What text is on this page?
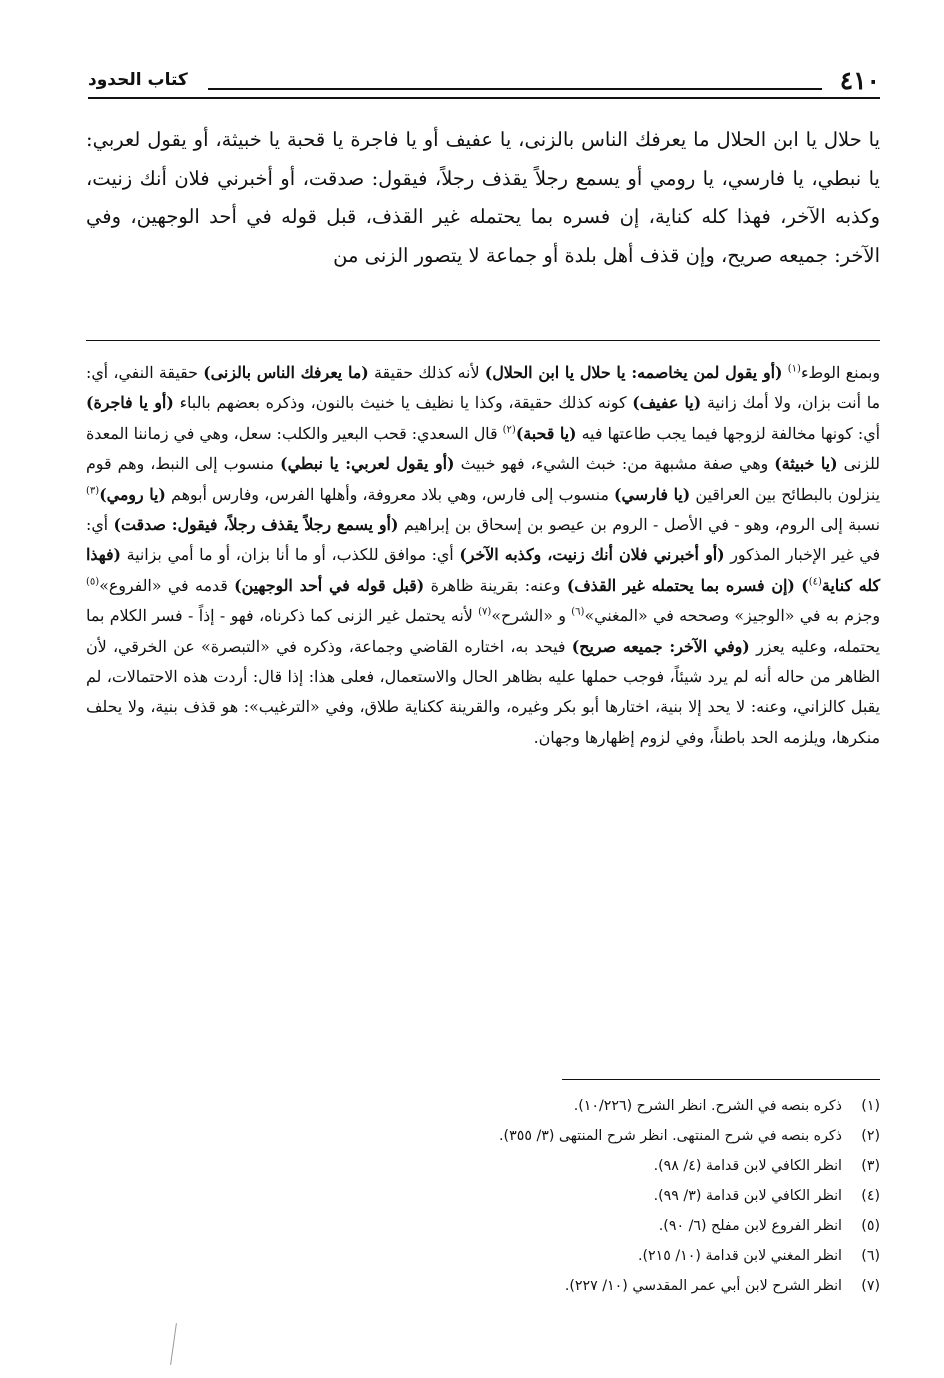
٤١٠
كتاب الحدود

يا حلال يا ابن الحلال ما يعرفك الناس بالزنى، يا عفيف أو يا فاجرة يا قحبة يا خبيثة، أو يقول لعربي: يا نبطي، يا فارسي، يا رومي أو يسمع رجلاً يقذف رجلاً، فيقول: صدقت، أو أخبرني فلان أنك زنيت، وكذبه الآخر، فهذا كله كناية، إن فسره بما يحتمله غير القذف، قبل قوله في أحد الوجهين، وفي الآخر: جميعه صريح، وإن قذف أهل بلدة أو جماعة لا يتصور الزنى من

وبمنع الوطء$^{(١)}$ (أو يقول لمن يخاصمه: يا حلال يا ابن الحلال) لأنه كذلك حقيقة (ما يعرفك الناس بالزنى) حقيقة النفي، أي: ما أنت بزان، ولا أمك زانية (يا عفيف) كونه كذلك حقيقة، وكذا يا نظيف يا خنيث بالنون، وذكره بعضهم بالباء (أو يا فاجرة) أي: كونها مخالفة لزوجها فيما يجب طاعتها فيه (يا قحبة)$^{(٢)}$ قال السعدي: قحب البعير والكلب: سعل، وهي في زماننا المعدة للزنى (يا خبيثة) وهي صفة مشبهة من: خبث الشيء، فهو خبيث (أو يقول لعربي: يا نبطي) منسوب إلى النبط، وهم قوم ينزلون بالبطائح بين العراقين (يا فارسي) منسوب إلى فارس، وهي بلاد معروفة، وأهلها الفرس، وفارس أبوهم (يا رومي)$^{(٣)}$ نسبة إلى الروم، وهو - في الأصل - الروم بن عيصو بن إسحاق بن إبراهيم (أو يسمع رجلاً يقذف رجلاً، فيقول: صدقت) أي: في غير الإخبار المذكور (أو أخبرني فلان أنك زنيت، وكذبه الآخر) أي: موافق للكذب، أو ما أنا بزان، أو ما أمي بزانية (فهذا كله كناية$^{(٤)}$) (إن فسره بما يحتمله غير القذف) وعنه: بقرينة ظاهرة (قبل قوله في أحد الوجهين) قدمه في «الفروع»$^{(٥)}$ وجزم به في «الوجيز» وصححه في «المغني»$^{(٦)}$ و «الشرح»$^{(٧)}$ لأنه يحتمل غير الزنى كما ذكرناه، فهو - إذاً - فسر الكلام بما يحتمله، وعليه يعزر (وفي الآخر: جميعه صريح) فيحد به، اختاره القاضي وجماعة، وذكره في «التبصرة» عن الخرقي، لأن الظاهر من حاله أنه لم يرد شيئاً، فوجب حملها عليه بظاهر الحال والاستعمال، فعلى هذا: إذا قال: أردت هذه الاحتمالات، لم يقبل كالزاني، وعنه: لا يحد إلا بنية، اختارها أبو بكر وغيره، والقرينة ككناية طلاق، وفي «الترغيب»: هو قذف بنية، ولا يحلف منكرها، ويلزمه الحد باطناً، وفي لزوم إظهارها وجهان.
(١)ذكره بنصه في الشرح. انظر الشرح (١٠/٢٢٦).
(٢)ذكره بنصه في شرح المنتهى. انظر شرح المنتهى (٣/ ٣٥٥).
(٣)انظر الكافي لابن قدامة (٤/ ٩٨).
(٤)انظر الكافي لابن قدامة (٣/ ٩٩).
(٥)انظر الفروع لابن مفلح (٦/ ٩٠).
(٦)انظر المغني لابن قدامة (١٠/ ٢١٥).
(٧)انظر الشرح لابن أبي عمر المقدسي (١٠/ ٢٢٧).
